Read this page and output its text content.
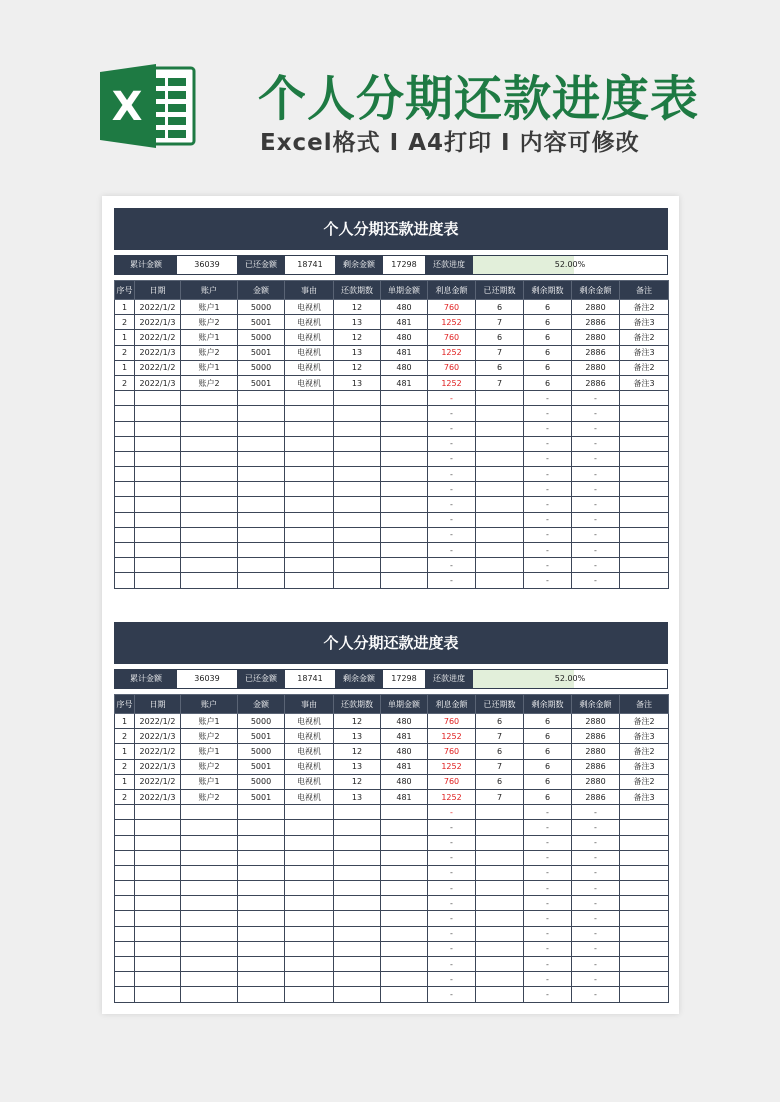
X 个人分期还款进度表
Excel格式 Ⅰ A4打印 Ⅰ 内容可修改
个人分期还款进度表
累计金额	36039	已还金额	18741	剩余金额	17298	还款进度	52.00%
序号	日期	账户	金额	事由	还款期数	单期金额	利息金额	已还期数	剩余期数	剩余金额	备注
1	2022/1/2	账户1	5000	电视机	12	480	760	6	6	2880	备注2
2	2022/1/3	账户2	5001	电视机	13	481	1252	7	6	2886	备注3
1	2022/1/2	账户1	5000	电视机	12	480	760	6	6	2880	备注2
2	2022/1/3	账户2	5001	电视机	13	481	1252	7	6	2886	备注3
1	2022/1/2	账户1	5000	电视机	12	480	760	6	6	2880	备注2
2	2022/1/3	账户2	5001	电视机	13	481	1252	7	6	2886	备注3
							-		-	-	
							-		-	-	
							-		-	-	
							-		-	-	
							-		-	-	
							-		-	-	
							-		-	-	
							-		-	-	
							-		-	-	
							-		-	-	
							-		-	-	
							-		-	-	
							-		-	-	
个人分期还款进度表
累计金额	36039	已还金额	18741	剩余金额	17298	还款进度	52.00%
序号	日期	账户	金额	事由	还款期数	单期金额	利息金额	已还期数	剩余期数	剩余金额	备注
1	2022/1/2	账户1	5000	电视机	12	480	760	6	6	2880	备注2
2	2022/1/3	账户2	5001	电视机	13	481	1252	7	6	2886	备注3
1	2022/1/2	账户1	5000	电视机	12	480	760	6	6	2880	备注2
2	2022/1/3	账户2	5001	电视机	13	481	1252	7	6	2886	备注3
1	2022/1/2	账户1	5000	电视机	12	480	760	6	6	2880	备注2
2	2022/1/3	账户2	5001	电视机	13	481	1252	7	6	2886	备注3
							-		-	-	
							-		-	-	
							-		-	-	
							-		-	-	
							-		-	-	
							-		-	-	
							-		-	-	
							-		-	-	
							-		-	-	
							-		-	-	
							-		-	-	
							-		-	-	
							-		-	-	
